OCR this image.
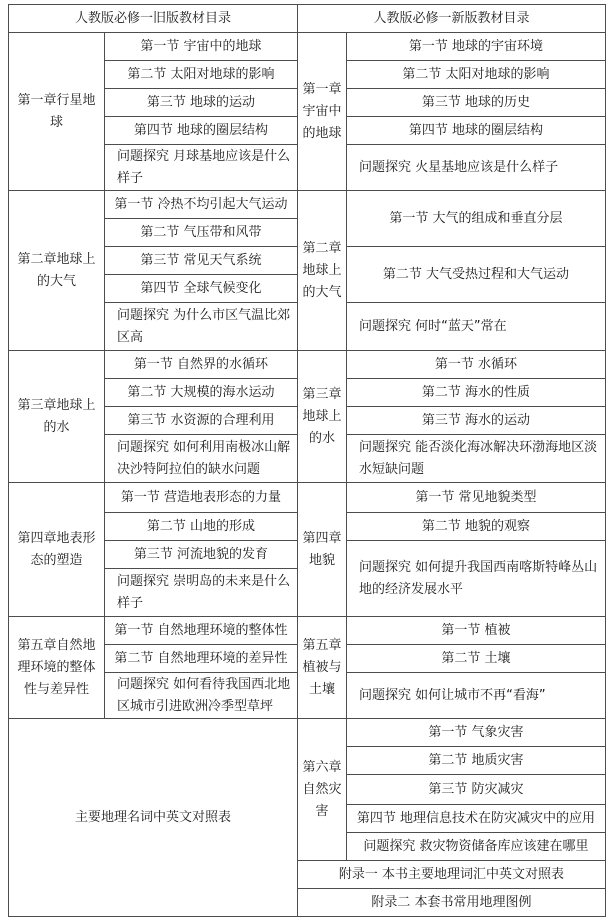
人教版必修一旧版教材目录	人教版必修一新版教材目录
第一章行星地球
第一节 宇宙中的地球
第二节 太阳对地球的影响
第三节 地球的运动
第四节 地球的圈层结构
问题探究 月球基地应该是什么样子
第二章地球上的大气
第一节 冷热不均引起大气运动
第二节 气压带和风带
第三节 常见天气系统
第四节 全球气候变化
问题探究 为什么市区气温比郊区高
第三章地球上的水
第一节 自然界的水循环
第二节 大规模的海水运动
第三节 水资源的合理利用
问题探究 如何利用南极冰山解决沙特阿拉伯的缺水问题
第四章地表形态的塑造
第一节 营造地表形态的力量
第二节 山地的形成
第三节 河流地貌的发育
问题探究 崇明岛的未来是什么样子
第五章自然地理环境的整体性与差异性
第一节 自然地理环境的整体性
第二节 自然地理环境的差异性
问题探究 如何看待我国西北地区城市引进欧洲冷季型草坪
主要地理名词中英文对照表
第一章宇宙中的地球
第一节 地球的宇宙环境
第二节 太阳对地球的影响
第三节 地球的历史
第四节 地球的圈层结构
问题探究 火星基地应该是什么样子
第二章地球上的大气
第一节 大气的组成和垂直分层
第二节 大气受热过程和大气运动
问题探究 何时“蓝天”常在
第三章地球上的水
第一节 水循环
第二节 海水的性质
第三节 海水的运动
问题探究 能否淡化海冰解决环渤海地区淡水短缺问题
第四章地貌
第一节 常见地貌类型
第二节 地貌的观察
问题探究 如何提升我国西南喀斯特峰丛山地的经济发展水平
第五章植被与土壤
第一节 植被
第二节 土壤
问题探究 如何让城市不再“看海”
第六章自然灾害
第一节 气象灾害
第二节 地质灾害
第三节 防灾减灾
第四节 地理信息技术在防灾减灾中的应用
问题探究 救灾物资储备库应该建在哪里
附录一 本书主要地理词汇中英文对照表
附录二 本套书常用地理图例
